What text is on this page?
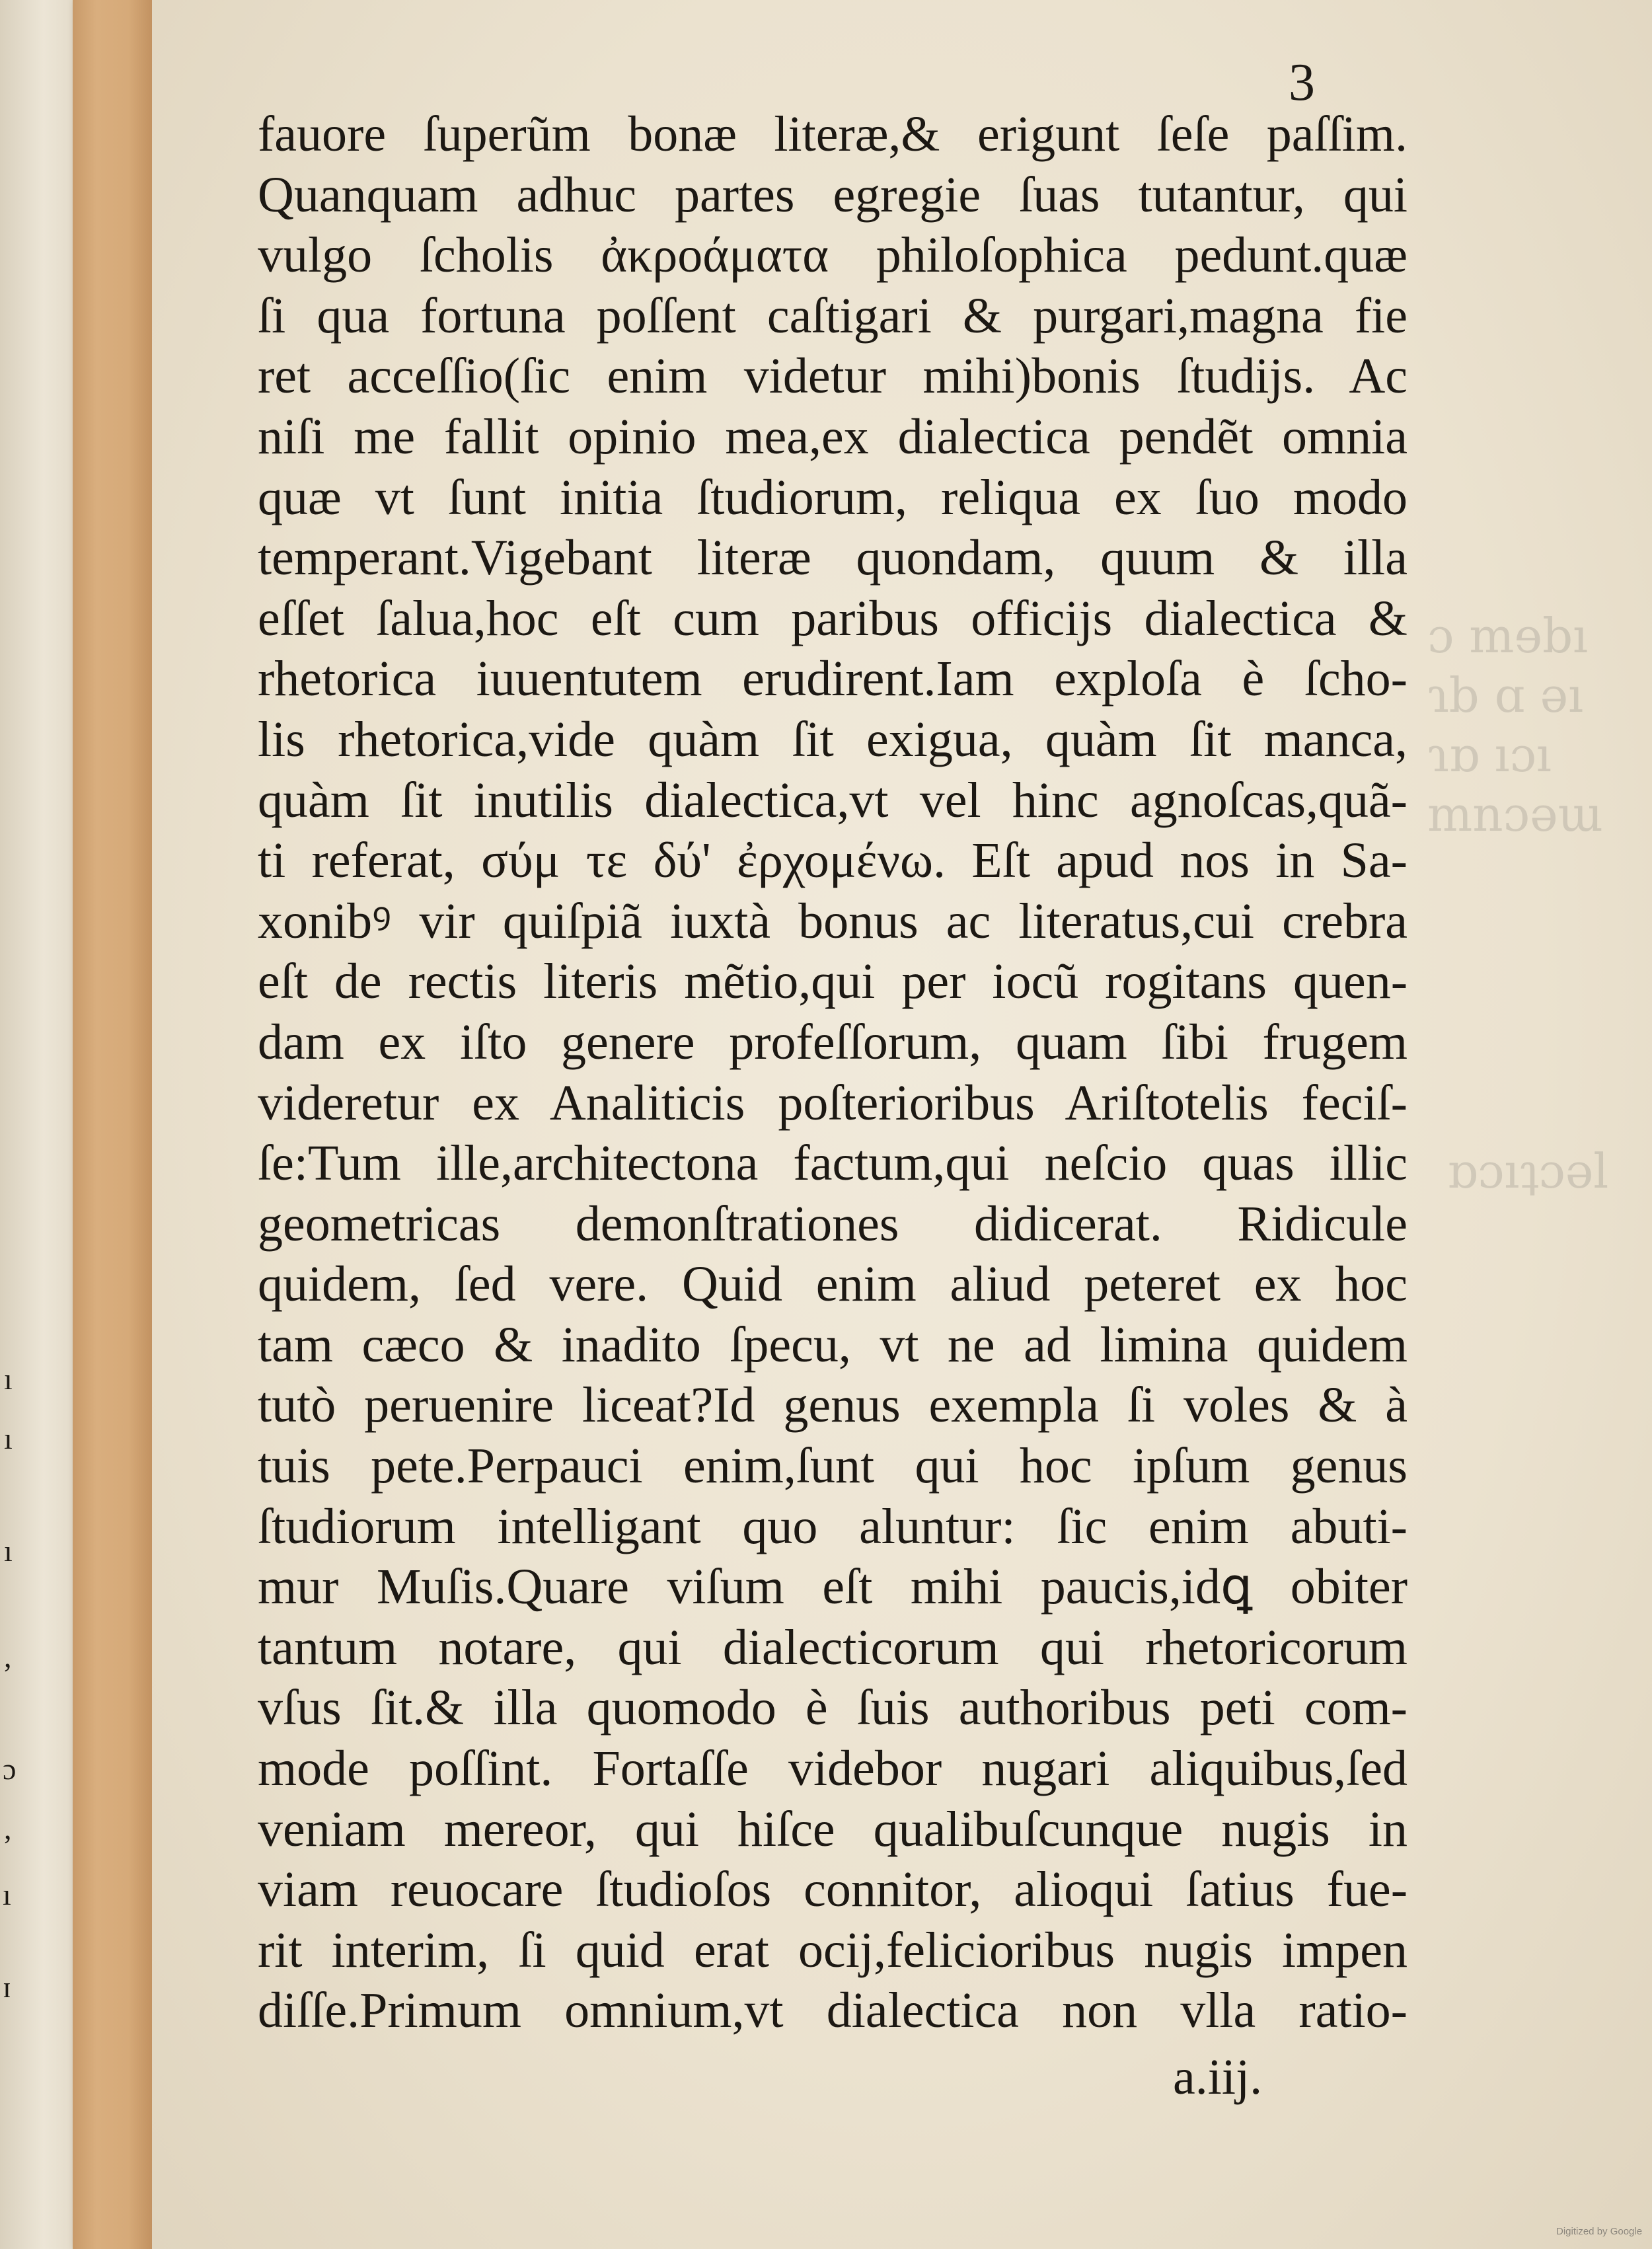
ı
ı
ı
,
ɔ
,
ı
ɪ
ɔ mɘbı
ɿb ɑ ǝı
ɿɒ ıɔı
mnɔǝɯ
ɒɔıʇɔǝl
3
fauore ſuperũm bonæ literæ,& erigunt ſeſe paſſim.
Quanquam adhuc partes egregie ſuas tutantur, qui
vulgo ſcholis ἀκροάματα philoſophica pedunt.quæ
ſi qua fortuna poſſent caſtigari & purgari,magna fie
ret acceſſio(ſic enim videtur mihi)bonis ſtudijs. Ac
niſi me fallit opinio mea,ex dialectica pendẽt omnia
quæ vt ſunt initia ſtudiorum, reliqua ex ſuo modo
temperant.Vigebant literæ quondam, quum & illa
eſſet ſalua,hoc eſt cum paribus officijs dialectica &
rhetorica iuuentutem erudirent.Iam exploſa è ſcho-
lis rhetorica,vide quàm ſit exigua, quàm ſit manca,
quàm ſit inutilis dialectica,vt vel hinc agnoſcas,quã-
ti referat, σύμ τε δύ' ἐρχομένω. Eſt apud nos in Sa-
xonibꝰ vir quiſpiã iuxtà bonus ac literatus,cui crebra
eſt de rectis literis mẽtio,qui per iocũ rogitans quen-
dam ex iſto genere profeſſorum, quam ſibi frugem
videretur ex Analiticis poſterioribus Ariſtotelis feciſ-
ſe:Tum ille,architectona factum,qui neſcio quas illic
geometricas demonſtrationes didicerat. Ridicule
quidem, ſed vere. Quid enim aliud peteret ex hoc
tam cæco & inadito ſpecu, vt ne ad limina quidem
tutò peruenire liceat?Id genus exempla ſi voles & à
tuis pete.Perpauci enim,ſunt qui hoc ipſum genus
ſtudiorum intelligant quo aluntur: ſic enim abuti-
mur Muſis.Quare viſum eſt mihi paucis,idꝗ obiter
tantum notare, qui dialecticorum qui rhetoricorum
vſus ſit.& illa quomodo è ſuis authoribus peti com-
mode poſſint. Fortaſſe videbor nugari aliquibus,ſed
veniam mereor, qui hiſce qualibuſcunque nugis in
viam reuocare ſtudioſos connitor, alioqui ſatius fue-
rit interim, ſi quid erat ocij,felicioribus nugis impen
diſſe.Primum omnium,vt dialectica non vlla ratio-
a.iij.
Digitized by Google
